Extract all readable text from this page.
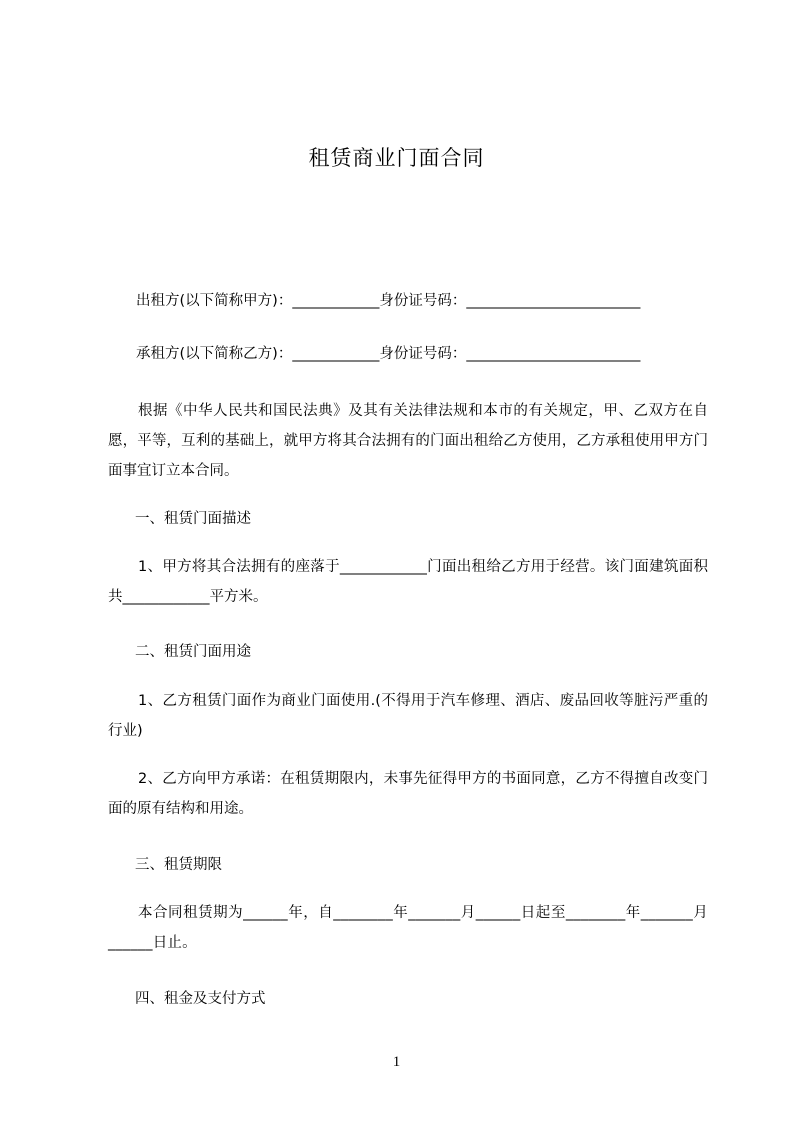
租赁商业门面合同
出租方(以下简称甲方)：____________身份证号码：________________________
承租方(以下简称乙方)：____________身份证号码：________________________
根据《中华人民共和国民法典》及其有关法律法规和本市的有关规定，甲、乙双方在自愿，平等，互利的基础上，就甲方将其合法拥有的门面出租给乙方使用，乙方承租使用甲方门面事宜订立本合同。
一、租赁门面描述
1、甲方将其合法拥有的座落于____________门面出租给乙方用于经营。该门面建筑面积共____________平方米。
二、租赁门面用途
1、乙方租赁门面作为商业门面使用.(不得用于汽车修理、酒店、废品回收等脏污严重的行业)
2、乙方向甲方承诺：在租赁期限内，未事先征得甲方的书面同意，乙方不得擅自改变门面的原有结构和用途。
三、租赁期限
本合同租赁期为______年，自________年_______月______日起至________年_______月______日止。
四、租金及支付方式
1
